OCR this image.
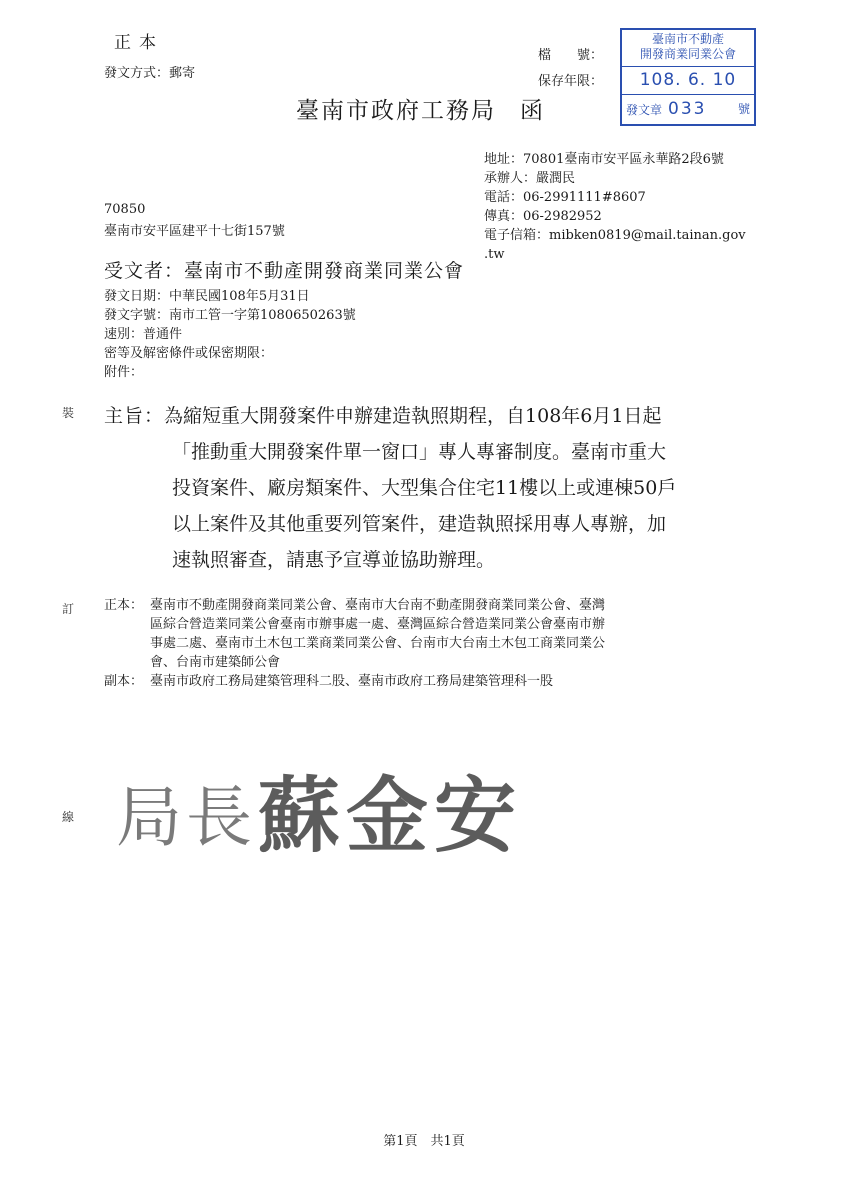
正本
發文方式：郵寄
臺南市政府工務局 函
檔　　號：
保存年限：
臺南市不動產
開發商業同業公會
108. 6. 10
發文章 033	號
地址：70801臺南市安平區永華路2段6號
承辦人：嚴潤民
電話：06-2991111#8607
傳真：06-2982952
電子信箱：mibken0819@mail.tainan.gov
.tw
70850
臺南市安平區建平十七街157號
受文者：臺南市不動產開發商業同業公會
發文日期：中華民國108年5月31日
發文字號：南市工管一字第1080650263號
速別：普通件
密等及解密條件或保密期限：
附件：
裝
訂
線
主旨：為縮短重大開發案件申辦建造執照期程，自108年6月1日起
「推動重大開發案件單一窗口」專人專審制度。臺南市重大
投資案件、廠房類案件、大型集合住宅11樓以上或連棟50戶
以上案件及其他重要列管案件，建造執照採用專人專辦，加
速執照審查，請惠予宣導並協助辦理。
正本： 臺南市不動產開發商業同業公會、臺南市大台南不動產開發商業同業公會、臺灣
區綜合營造業同業公會臺南市辦事處一處、臺灣區綜合營造業同業公會臺南市辦
事處二處、臺南市土木包工業商業同業公會、台南市大台南土木包工商業同業公
會、台南市建築師公會
副本： 臺南市政府工務局建築管理科二股、臺南市政府工務局建築管理科一股
局長 蘇金安
第1頁　共1頁
